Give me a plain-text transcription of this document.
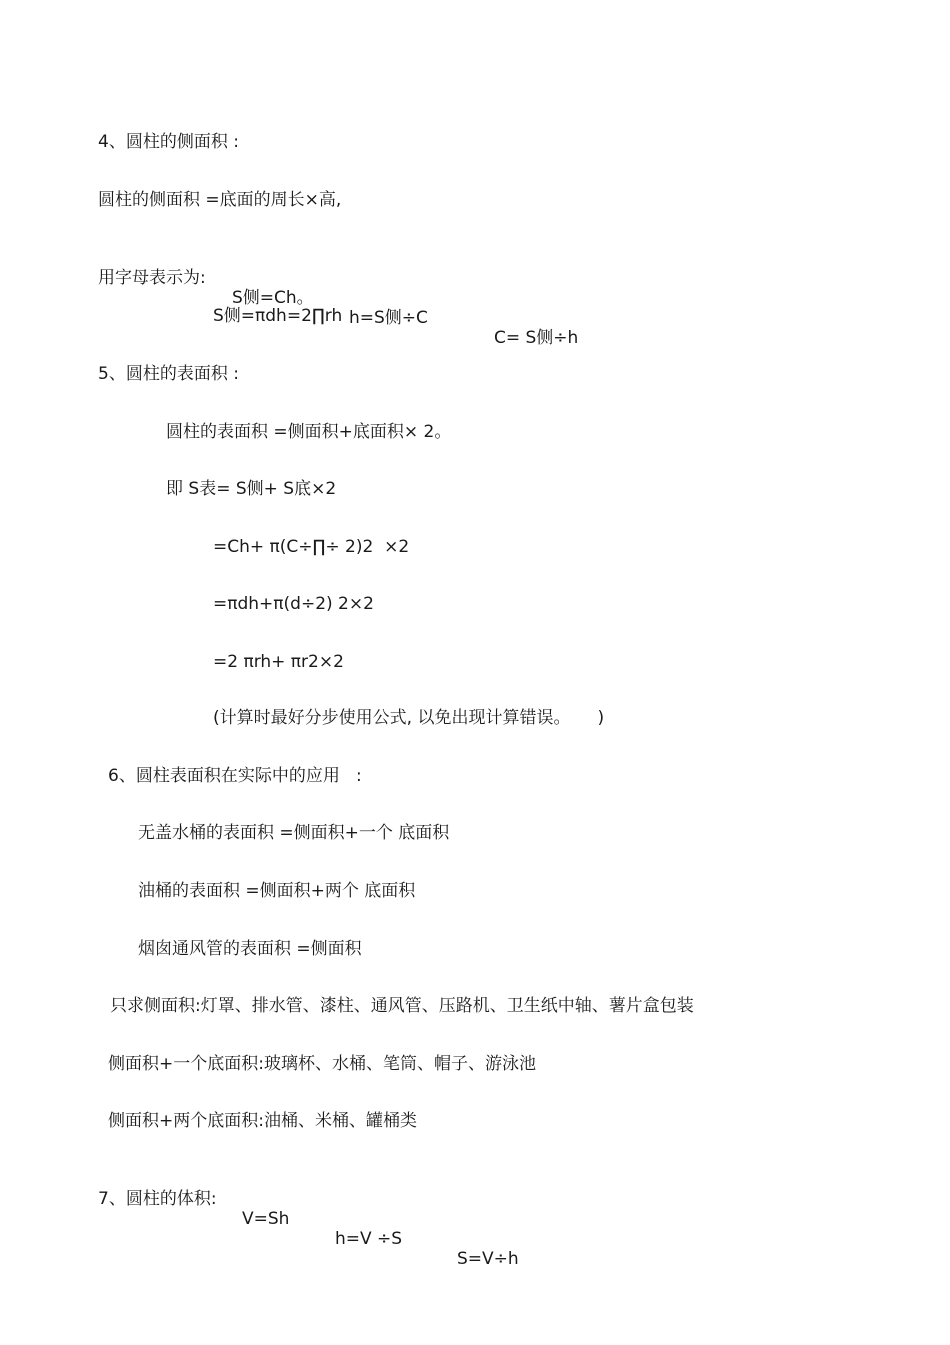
4、圆柱的侧面积 :
圆柱的侧面积 =底面的周长×高,

用字母表示为:

S侧=Ch。

h=S侧÷C

C= S侧÷h

S侧=πdh=2∏rh
5、圆柱的表面积 :
圆柱的表面积 =侧面积+底面积× 2。
即 S表= S侧+ S底×2
=Ch+ π(C÷∏÷ 2)2  ×2
=πdh+π(d÷2) 2×2
=2 πrh+ πr2×2
(计算时最好分步使用公式, 以免出现计算错误。     )
6、圆柱表面积在实际中的应用   :
无盖水桶的表面积 =侧面积+一个 底面积
油桶的表面积 =侧面积+两个 底面积
烟囱通风管的表面积 =侧面积
只求侧面积:灯罩、排水管、漆柱、通风管、压路机、卫生纸中轴、薯片盒包装
侧面积+一个底面积:玻璃杯、水桶、笔筒、帽子、游泳池
侧面积+两个底面积:油桶、米桶、罐桶类

7、圆柱的体积:

V=Sh

h=V ÷S

S=V÷h
